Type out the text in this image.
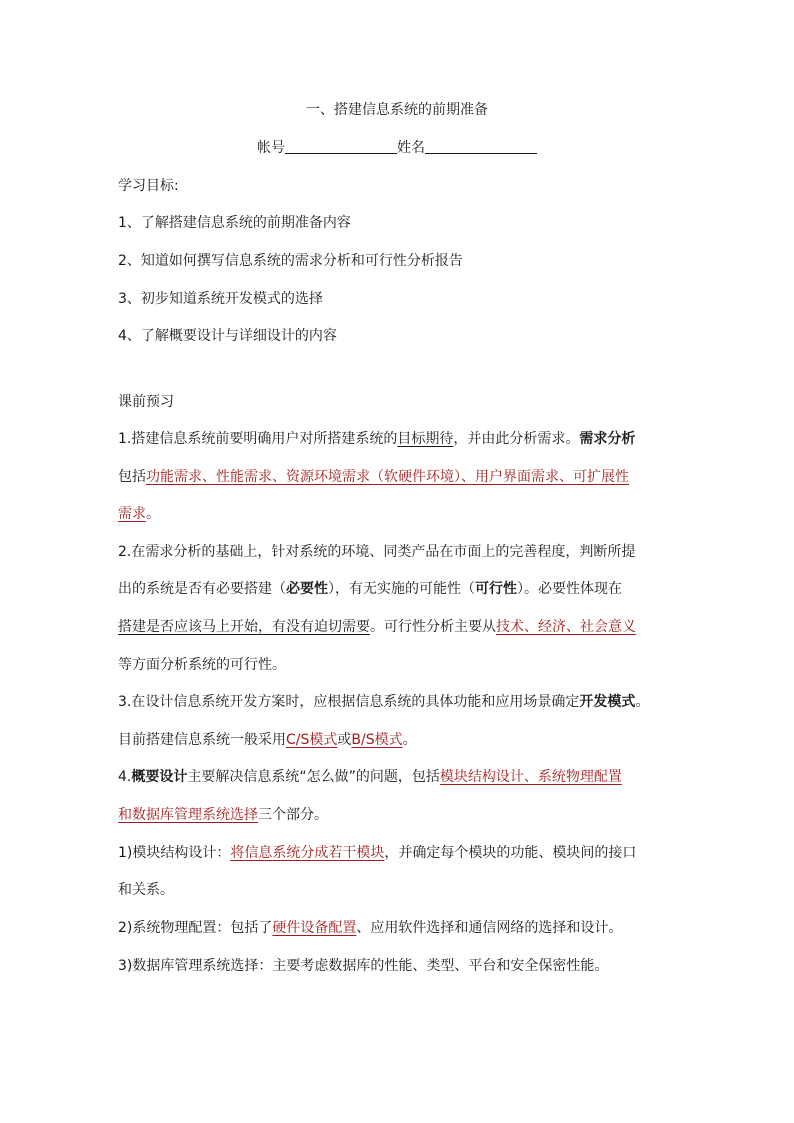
一、搭建信息系统的前期准备
帐号	姓名
学习目标:
1、了解搭建信息系统的前期准备内容
2、知道如何撰写信息系统的需求分析和可行性分析报告
3、初步知道系统开发模式的选择
4、了解概要设计与详细设计的内容
课前预习
1.搭建信息系统前要明确用户对所搭建系统的目标期待，并由此分析需求。需求分析
包括功能需求、性能需求、资源环境需求（软硬件环境）、用户界面需求、可扩展性
需求。
2.在需求分析的基础上，针对系统的环境、同类产品在市面上的完善程度，判断所提
出的系统是否有必要搭建（必要性），有无实施的可能性（可行性）。必要性体现在
搭建是否应该马上开始，有没有迫切需要。可行性分析主要从技术、经济、社会意义
等方面分析系统的可行性。
3.在设计信息系统开发方案时，应根据信息系统的具体功能和应用场景确定开发模式。
目前搭建信息系统一般采用C/S模式或B/S模式。
4.概要设计主要解决信息系统“怎么做”的问题，包括模块结构设计、系统物理配置
和数据库管理系统选择三个部分。
1)模块结构设计：将信息系统分成若干模块，并确定每个模块的功能、模块间的接口
和关系。
2)系统物理配置：包括了硬件设备配置、应用软件选择和通信网络的选择和设计。
3)数据库管理系统选择：主要考虑数据库的性能、类型、平台和安全保密性能。
